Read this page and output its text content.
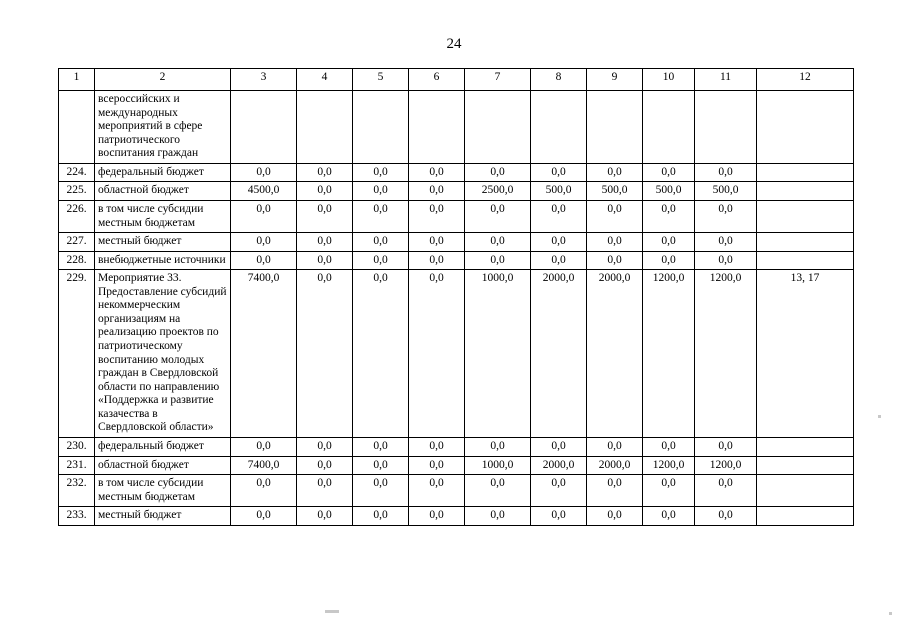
24
1	2	3	4	5	6	7	8	9	10	11	12
	всероссийских и международных мероприятий в сфере патриотического воспитания граждан										
224.	федеральный бюджет	0,0	0,0	0,0	0,0	0,0	0,0	0,0	0,0	0,0	
225.	областной бюджет	4500,0	0,0	0,0	0,0	2500,0	500,0	500,0	500,0	500,0	
226.	в том числе субсидии местным бюджетам	0,0	0,0	0,0	0,0	0,0	0,0	0,0	0,0	0,0	
227.	местный бюджет	0,0	0,0	0,0	0,0	0,0	0,0	0,0	0,0	0,0	
228.	внебюджетные источники	0,0	0,0	0,0	0,0	0,0	0,0	0,0	0,0	0,0	
229.	Мероприятие 33. Предоставление субсидий некоммерческим организациям на реализацию проектов по патриотическому воспитанию молодых граждан в Свердловской области по направлению «Поддержка и развитие казачества в Свердловской области»	7400,0	0,0	0,0	0,0	1000,0	2000,0	2000,0	1200,0	1200,0	13, 17
230.	федеральный бюджет	0,0	0,0	0,0	0,0	0,0	0,0	0,0	0,0	0,0	
231.	областной бюджет	7400,0	0,0	0,0	0,0	1000,0	2000,0	2000,0	1200,0	1200,0	
232.	в том числе субсидии местным бюджетам	0,0	0,0	0,0	0,0	0,0	0,0	0,0	0,0	0,0	
233.	местный бюджет	0,0	0,0	0,0	0,0	0,0	0,0	0,0	0,0	0,0	
